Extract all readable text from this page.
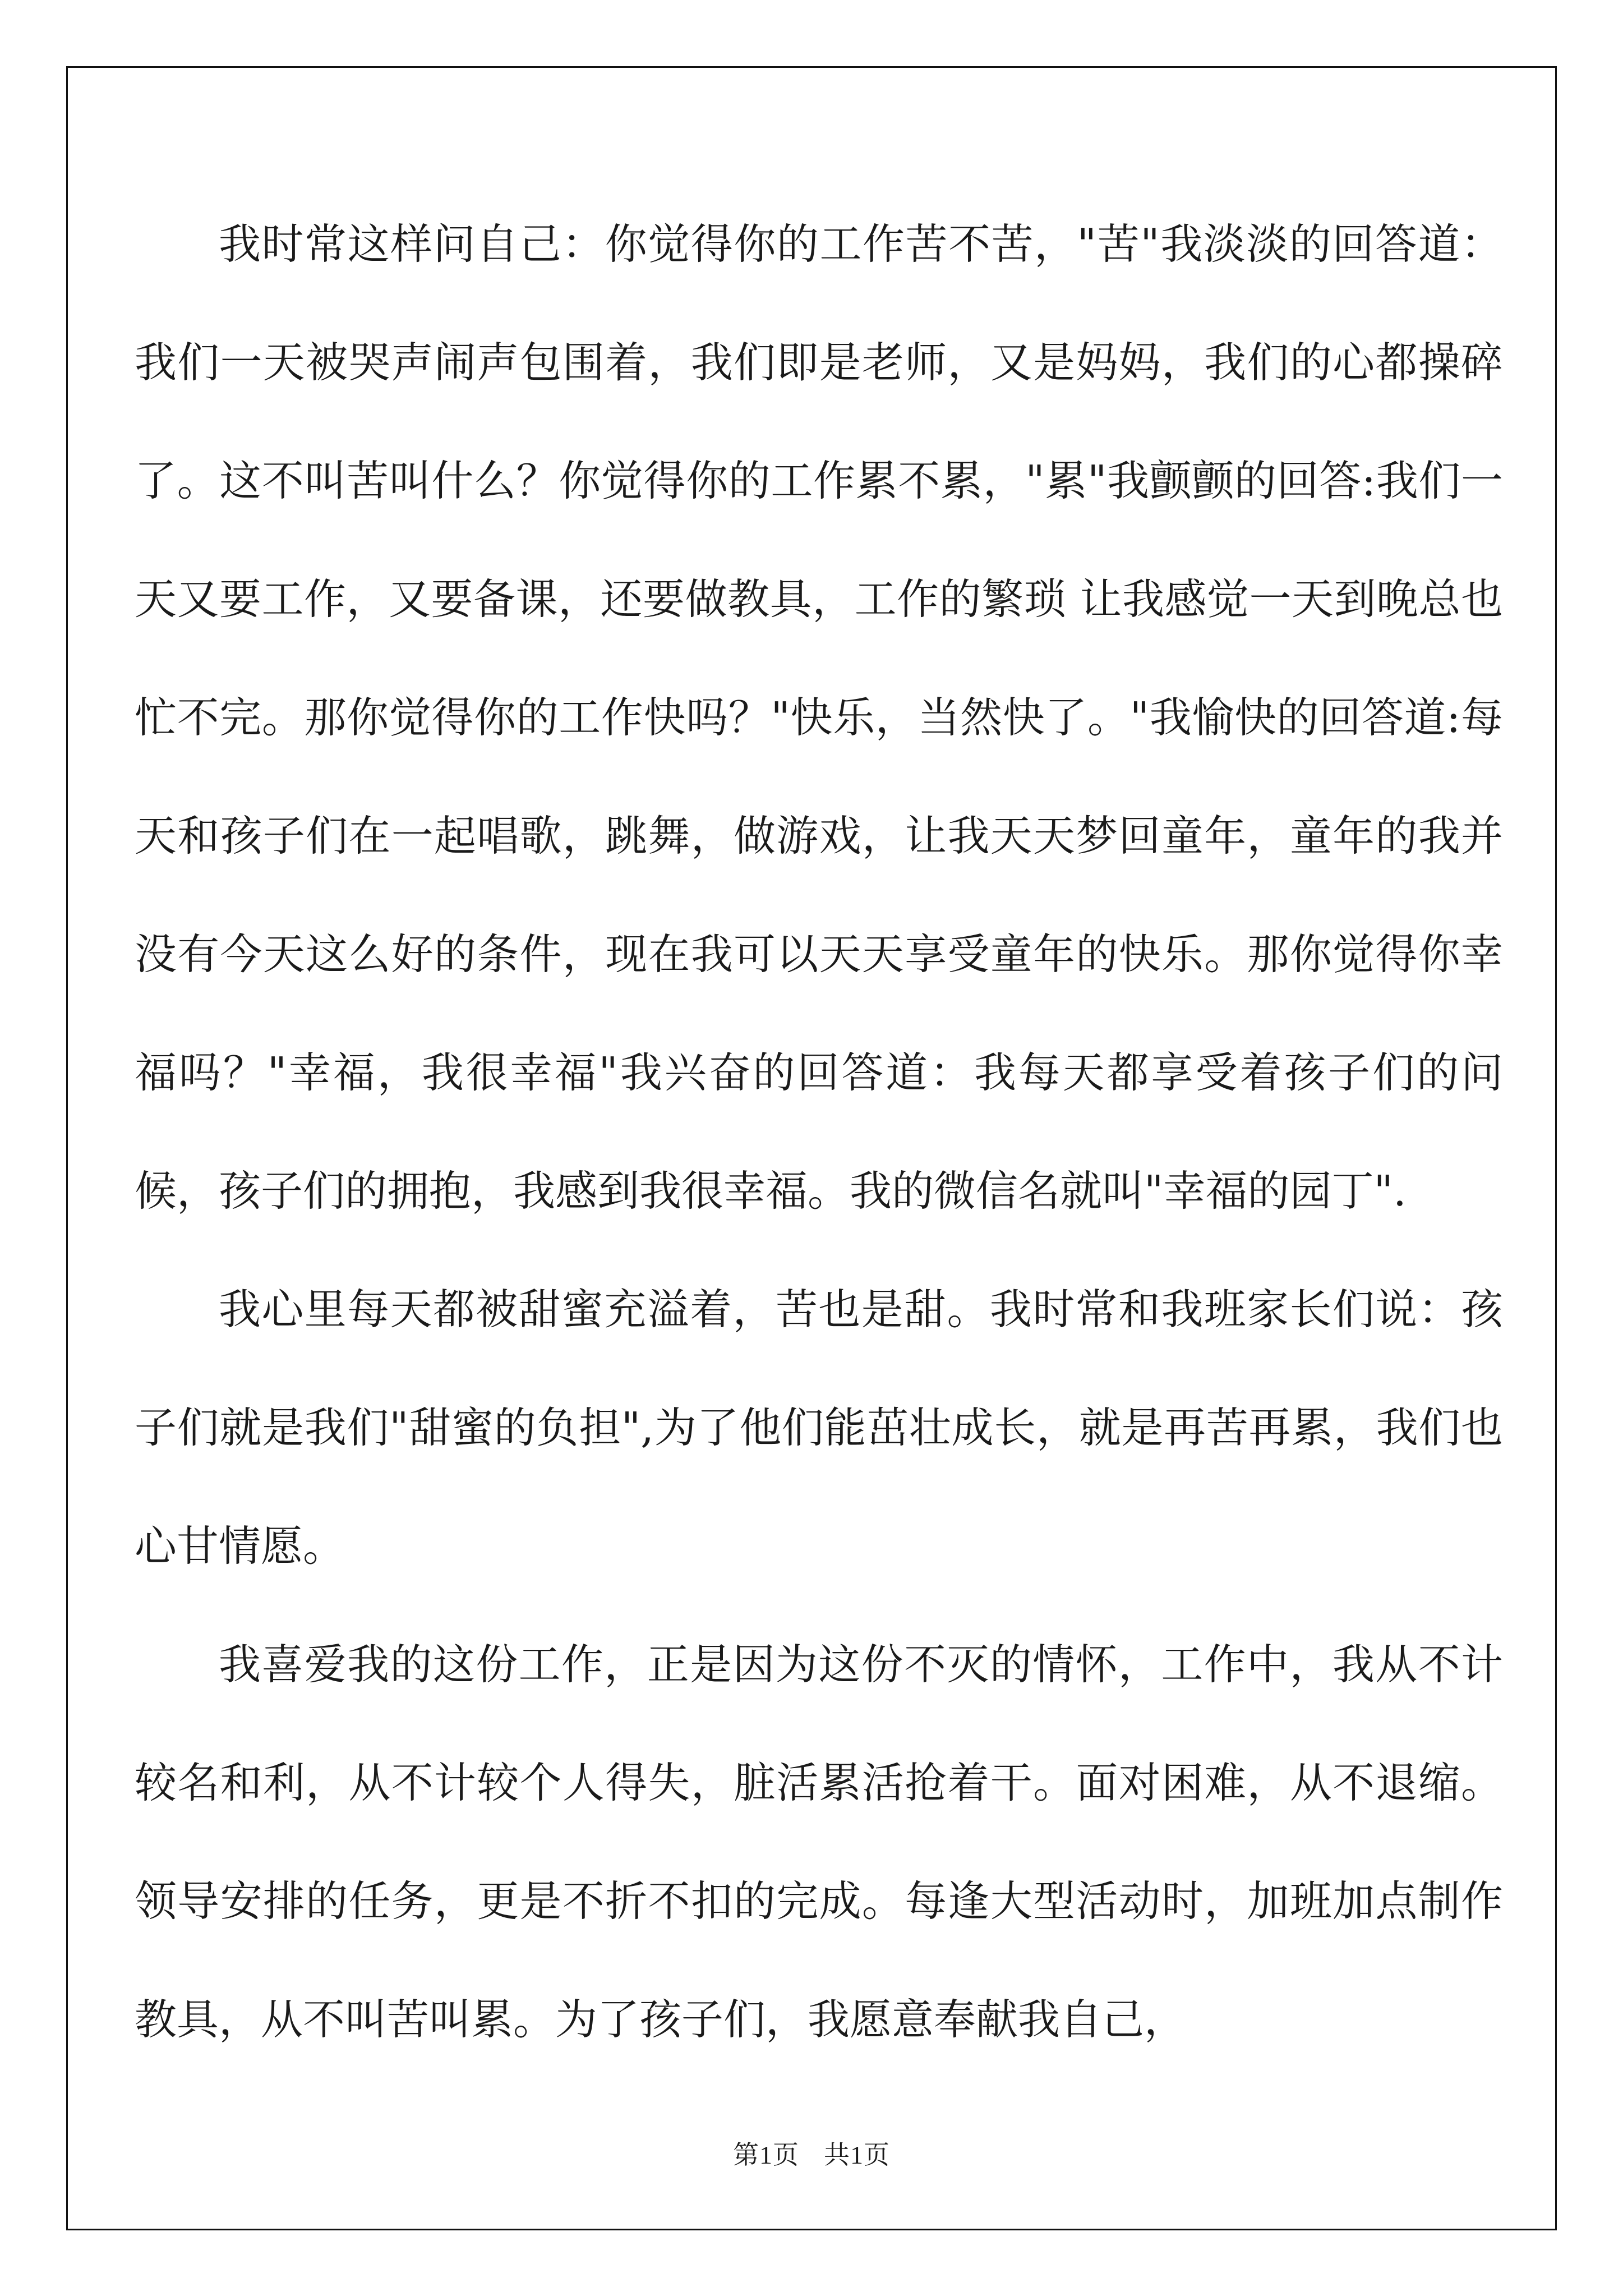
我时常这样问自己：你觉得你的工作苦不苦，"苦"我淡淡的回答道：我们一天被哭声闹声包围着，我们即是老师，又是妈妈，我们的心都操碎了。这不叫苦叫什么？你觉得你的工作累不累，"累"我颤颤的回答:我们一天又要工作，又要备课，还要做教具，工作的繁琐 让我感觉一天到晚总也忙不完。那你觉得你的工作快吗？"快乐，当然快了。"我愉快的回答道:每天和孩子们在一起唱歌，跳舞，做游戏，让我天天梦回童年，童年的我并没有今天这么好的条件，现在我可以天天享受童年的快乐。那你觉得你幸福吗？"幸福，我很幸福"我兴奋的回答道：我每天都享受着孩子们的问候，孩子们的拥抱，我感到我很幸福。我的微信名就叫"幸福的园丁".

我心里每天都被甜蜜充溢着，苦也是甜。我时常和我班家长们说：孩子们就是我们"甜蜜的负担",为了他们能茁壮成长，就是再苦再累，我们也心甘情愿。

我喜爱我的这份工作，正是因为这份不灭的情怀，工作中，我从不计较名和利，从不计较个人得失，脏活累活抢着干。面对困难，从不退缩。领导安排的任务，更是不折不扣的完成。每逢大型活动时，加班加点制作教具，从不叫苦叫累。为了孩子们，我愿意奉献我自己，

第1页 共1页
